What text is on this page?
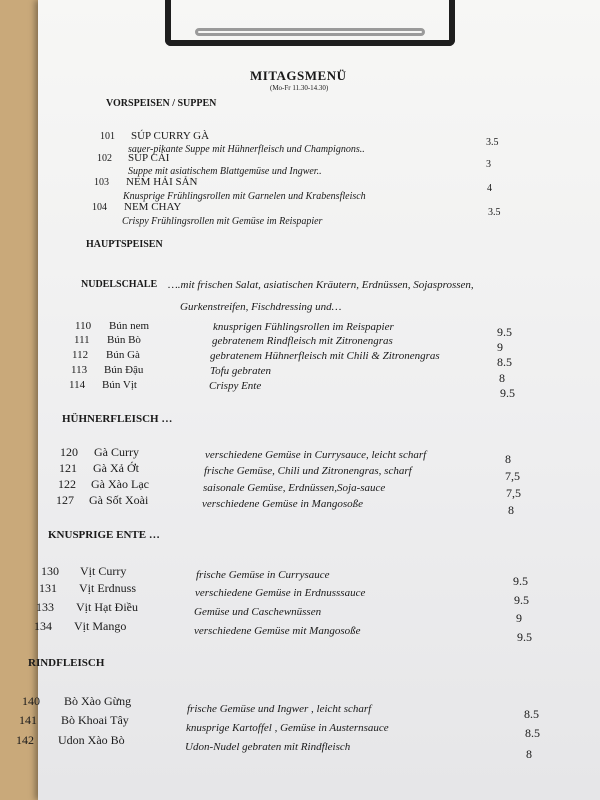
MITAGSMENÜ
(Mo-Fr 11.30-14.30)
VORSPEISEN / SUPPEN
101 SÚP CURRY GÀ
sauer-pikante Suppe mit Hühnerfleisch und Champignons..
3.5
102 SÚP CẢI
Suppe mit asiatischem Blattgemüse und Ingwer..
3
103 NEM HẢI SẢN
Knusprige Frühlingsrollen mit Garnelen und Krabensfleisch
4
104 NEM CHAY
Crispy Frühlingsrollen mit Gemüse im Reispapier
3.5
HAUPTSPEISEN
NUDELSCHALE ….mit frischen Salat, asiatischen Kräutern, Erdnüssen, Sojasprossen,
Gurkenstreifen, Fischdressing und…
110 Bún nem	knusprigen Fühlingsrollen im Reispapier	9.5
111 Bún Bò	gebratenem Rindfleisch mit Zitronengras	9
112 Bún Gà	gebratenem Hühnerfleisch mit Chili & Zitronengras	8.5
113 Bún Đậu	Tofu gebraten	8
114 Bún Vịt	Crispy Ente	9.5
HÜHNERFLEISCH …
120 Gà Curry	verschiedene Gemüse in Currysauce, leicht scharf	8
121 Gà Xả Ớt	frische Gemüse, Chili und Zitronengras, scharf	7,5
122 Gà Xào Lạc	saisonale Gemüse, Erdnüssen,Soja-sauce	7,5
127 Gà Sốt Xoài	verschiedene Gemüse in Mangosoße	8
KNUSPRIGE ENTE …
130 Vịt Curry	frische Gemüse in Currysauce	9.5
131 Vịt Erdnuss	verschiedene Gemüse in Erdnusssauce	9.5
133 Vịt Hạt Điều	Gemüse und Caschewnüssen	9
134 Vịt Mango	verschiedene Gemüse mit Mangosoße	9.5
RINDFLEISCH
140 Bò Xào Gừng
frische Gemüse und Ingwer , leicht scharf	8.5
141 Bò Khoai Tây
knusprige Kartoffel , Gemüse in Austernsauce	8.5
142 Udon Xào Bò	Udon-Nudel gebraten mit Rindfleisch	8
